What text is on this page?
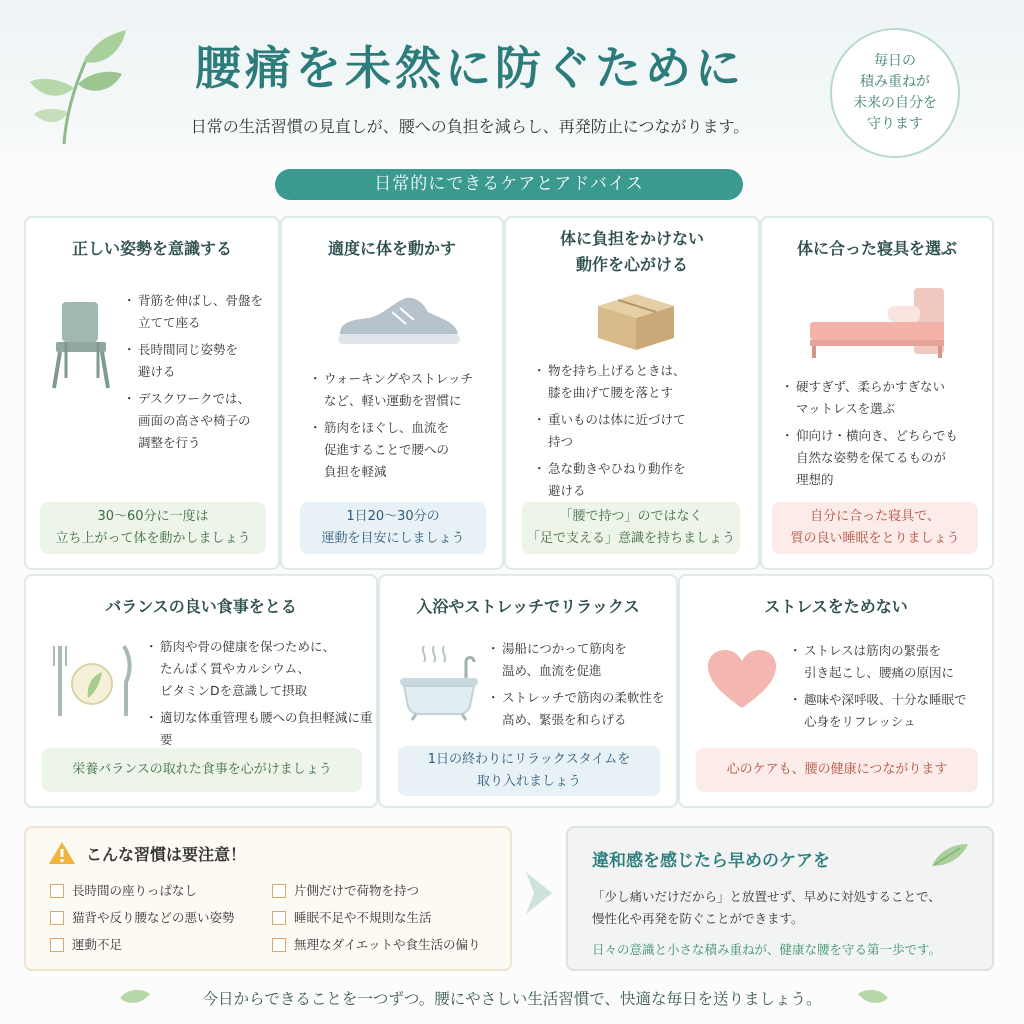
腰痛を未然に防ぐために
日常の生活習慣の見直しが、腰への負担を減らし、再発防止につながります。
毎日の
積み重ねが
未来の自分を
守ります
日常的にできるケアとアドバイス
正しい姿勢を意識する
・ 背筋を伸ばし、骨盤を
立てて座る
・ 長時間同じ姿勢を
避ける
・ デスクワークでは、
画面の高さや椅子の
調整を行う
30〜60分に一度は
立ち上がって体を動かしましょう
適度に体を動かす
・ ウォーキングやストレッチ
など、軽い運動を習慣に
・ 筋肉をほぐし、血流を
促進することで腰への
負担を軽減
1日20〜30分の
運動を目安にしましょう
体に負担をかけない
動作を心がける
・ 物を持ち上げるときは、
膝を曲げて腰を落とす
・ 重いものは体に近づけて
持つ
・ 急な動きやひねり動作を
避ける
「腰で持つ」のではなく
「足で支える」意識を持ちましょう
体に合った寝具を選ぶ
・ 硬すぎず、柔らかすぎない
マットレスを選ぶ
・ 仰向け・横向き、どちらでも
自然な姿勢を保てるものが
理想的
自分に合った寝具で、
質の良い睡眠をとりましょう
バランスの良い食事をとる
・ 筋肉や骨の健康を保つために、
たんぱく質やカルシウム、
ビタミンDを意識して摂取
・ 適切な体重管理も腰への負担軽減に重要
栄養バランスの取れた食事を心がけましょう
入浴やストレッチでリラックス
・ 湯船につかって筋肉を
温め、血流を促進
・ ストレッチで筋肉の柔軟性を
高め、緊張を和らげる
1日の終わりにリラックスタイムを
取り入れましょう
ストレスをためない
・ ストレスは筋肉の緊張を
引き起こし、腰痛の原因に
・ 趣味や深呼吸、十分な睡眠で
心身をリフレッシュ
心のケアも、腰の健康につながります
こんな習慣は要注意！
長時間の座りっぱなし
猫背や反り腰などの悪い姿勢
運動不足
片側だけで荷物を持つ
睡眠不足や不規則な生活
無理なダイエットや食生活の偏り
違和感を感じたら早めのケアを
「少し痛いだけだから」と放置せず、早めに対処することで、
慢性化や再発を防ぐことができます。
日々の意識と小さな積み重ねが、健康な腰を守る第一歩です。
今日からできることを一つずつ。腰にやさしい生活習慣で、快適な毎日を送りましょう。
